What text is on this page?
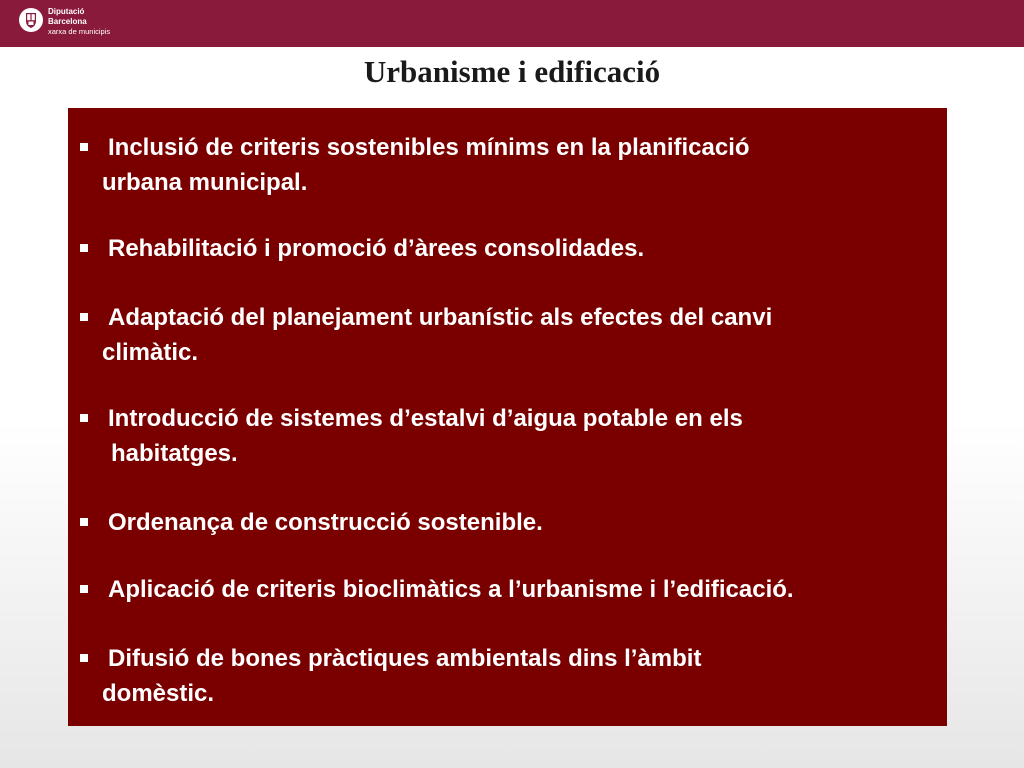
Diputació
Barcelona
xarxa de municipis
Urbanisme i edificació
Inclusió de criteris sostenibles mínims en la planificació
urbana municipal.
Rehabilitació i promoció d’àrees consolidades.
Adaptació del planejament urbanístic als efectes del canvi
climàtic.
Introducció de sistemes d’estalvi d’aigua potable en els
habitatges.
Ordenança de construcció sostenible.
Aplicació de criteris bioclimàtics a l’urbanisme i l’edificació.
Difusió de bones pràctiques ambientals dins l’àmbit
domèstic.
